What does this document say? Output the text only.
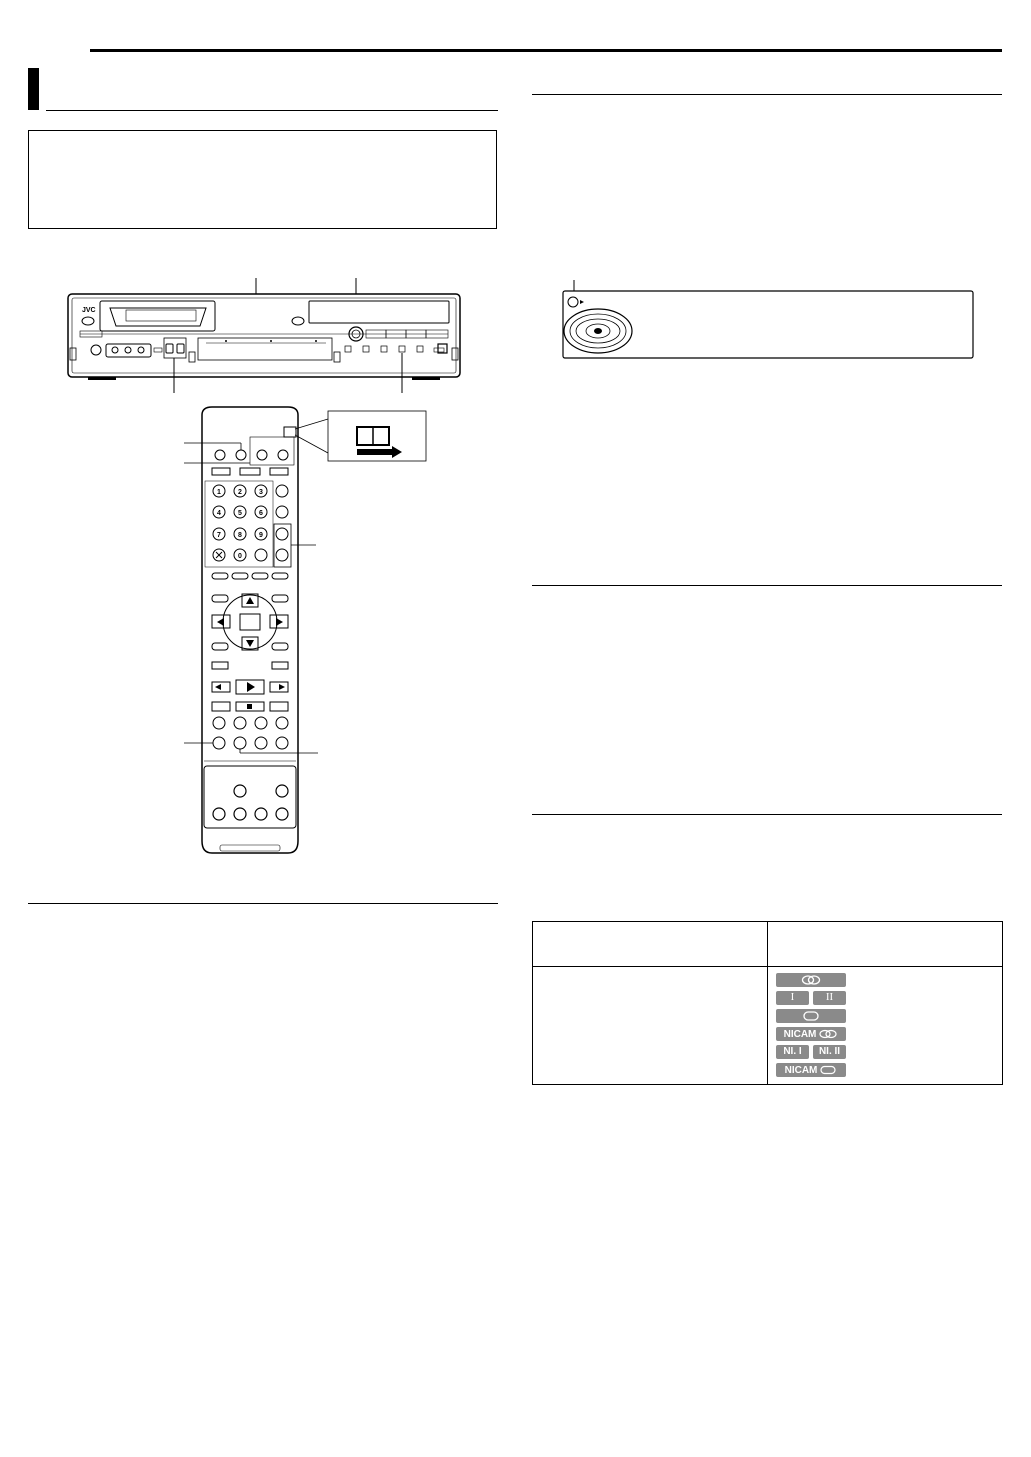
JVC
1 2 3
4 5 6
7 8 9
0
I	II
NICAM
NI. I	NI. II
NICAM
